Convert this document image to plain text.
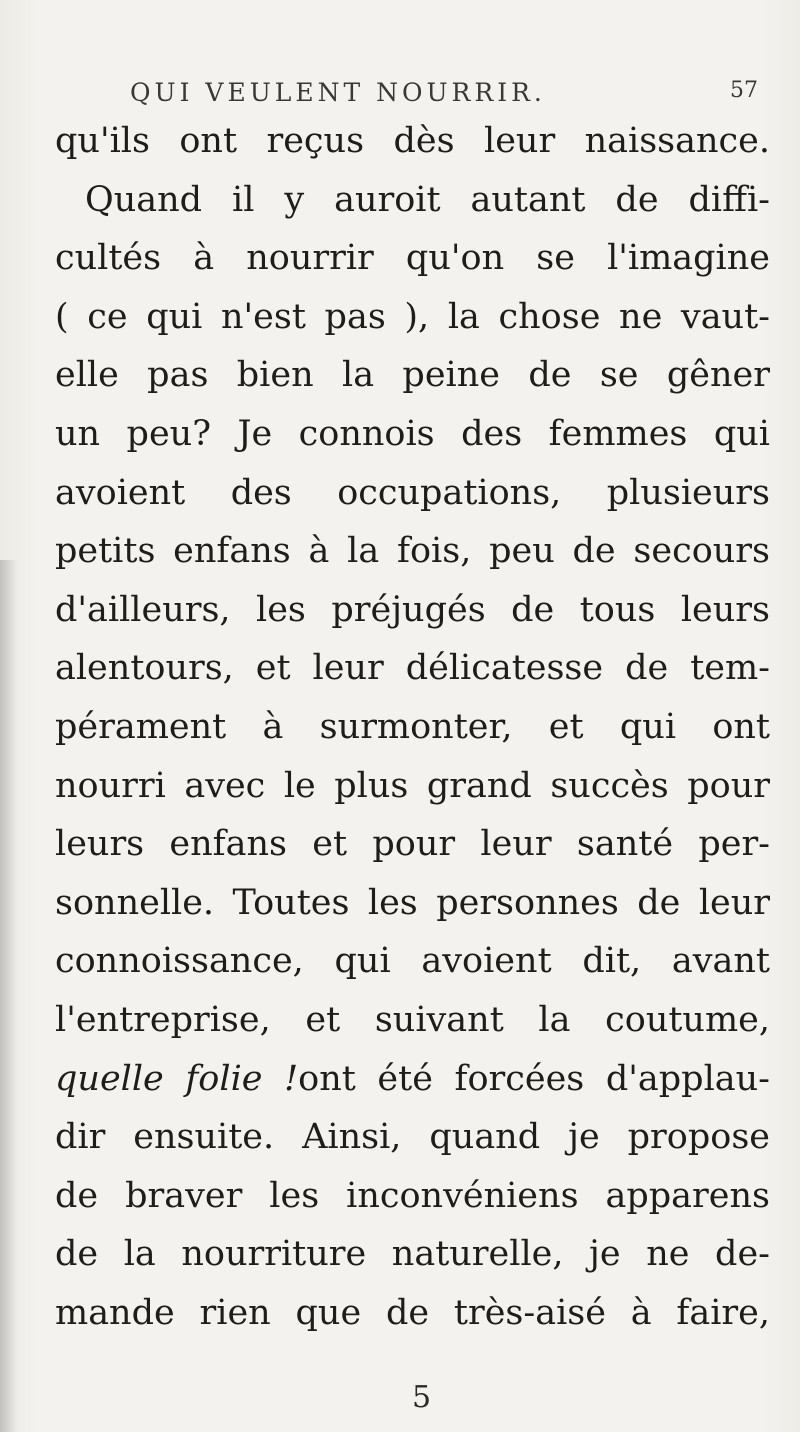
QUI VEULENT NOURRIR.	57
qu'ils ont reçus dès leur naissance.
Quand il y auroit autant de diffi-
cultés à nourrir qu'on se l'imagine
( ce qui n'est pas ), la chose ne vaut-
elle pas bien la peine de se gêner
un peu? Je connois des femmes qui
avoient des occupations, plusieurs
petits enfans à la fois, peu de secours
d'ailleurs, les préjugés de tous leurs
alentours, et leur délicatesse de tem-
pérament à surmonter, et qui ont
nourri avec le plus grand succès pour
leurs enfans et pour leur santé per-
sonnelle. Toutes les personnes de leur
connoissance, qui avoient dit, avant
l'entreprise, et suivant la coutume,
quelle folie !ont été forcées d'applau-
dir ensuite. Ainsi, quand je propose
de braver les inconvéniens apparens
de la nourriture naturelle, je ne de-
mande rien que de très-aisé à faire,
5
